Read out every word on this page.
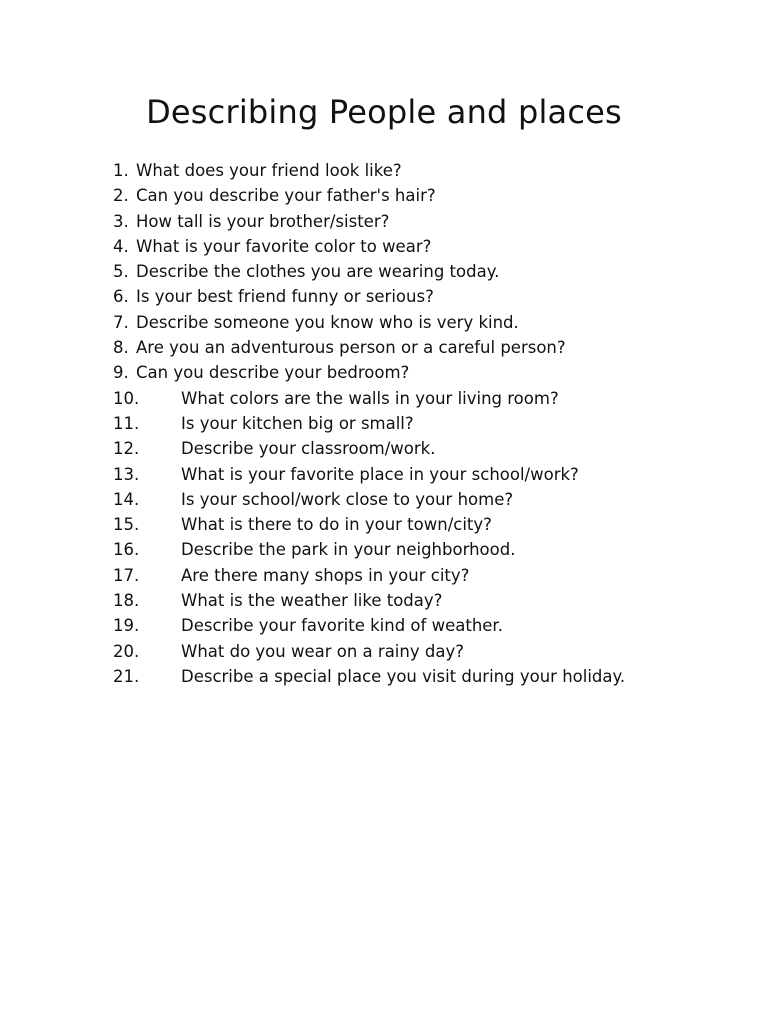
Describing People and places
1. What does your friend look like?
2. Can you describe your father's hair?
3. How tall is your brother/sister?
4. What is your favorite color to wear?
5. Describe the clothes you are wearing today.
6. Is your best friend funny or serious?
7. Describe someone you know who is very kind.
8. Are you an adventurous person or a careful person?
9. Can you describe your bedroom?
10.	What colors are the walls in your living room?
11.	Is your kitchen big or small?
12.	Describe your classroom/work.
13.	What is your favorite place in your school/work?
14.	Is your school/work close to your home?
15.	What is there to do in your town/city?
16.	Describe the park in your neighborhood.
17.	Are there many shops in your city?
18.	What is the weather like today?
19.	Describe your favorite kind of weather.
20.	What do you wear on a rainy day?
21.	Describe a special place you visit during your holiday.
